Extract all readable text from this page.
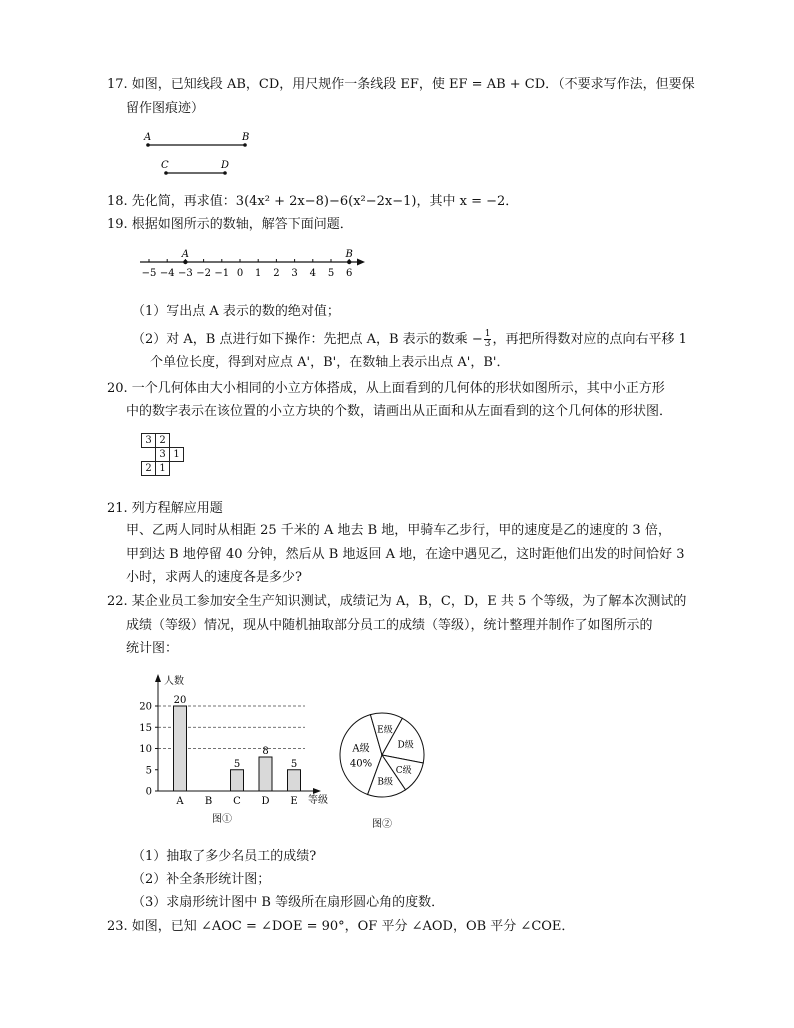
17. 如图，已知线段 AB，CD，用尺规作一条线段 EF，使 EF = AB + CD．（不要求写作法，但要保
留作图痕迹）
A	B
C	D
18. 先化简，再求值：3(4x² + 2x−8)−6(x²−2x−1)，其中 x = −2．
19. 根据如图所示的数轴，解答下面问题．
−5 −4 −3 −2 −1 0 1 2 3 4 5 6
A	B
（1）写出点 A 表示的数的绝对值；
（2）对 A，B 点进行如下操作：先把点 A，B 表示的数乘 − $\frac{1}{3}$ ，再把所得数对应的点向右平移 1
个单位长度，得到对应点 A'，B'，在数轴上表示出点 A'，B'．
20. 一个几何体由大小相同的小立方体搭成，从上面看到的几何体的形状如图所示，其中小正方形
中的数字表示在该位置的小立方块的个数，请画出从正面和从左面看到的这个几何体的形状图．
3	2	
	3	1
2	1	
21. 列方程解应用题
甲、乙两人同时从相距 25 千米的 A 地去 B 地，甲骑车乙步行，甲的速度是乙的速度的 3 倍，
甲到达 B 地停留 40 分钟，然后从 B 地返回 A 地，在途中遇见乙，这时距他们出发的时间恰好 3
小时，求两人的速度各是多少?
22. 某企业员工参加安全生产知识测试，成绩记为 A，B，C，D，E 共 5 个等级，为了解本次测试的
成绩（等级）情况，现从中随机抽取部分员工的成绩（等级），统计整理并制作了如图所示的
统计图：
人数
等级
0
5
10
15
20
20
5
8
5
A B C D E
图①
A级
40%
E级
D级
C级
B级
图②
（1）抽取了多少名员工的成绩?
（2）补全条形统计图；
（3）求扇形统计图中 B 等级所在扇形圆心角的度数．
23. 如图，已知 ∠AOC = ∠DOE = 90°，OF 平分 ∠AOD，OB 平分 ∠COE．
